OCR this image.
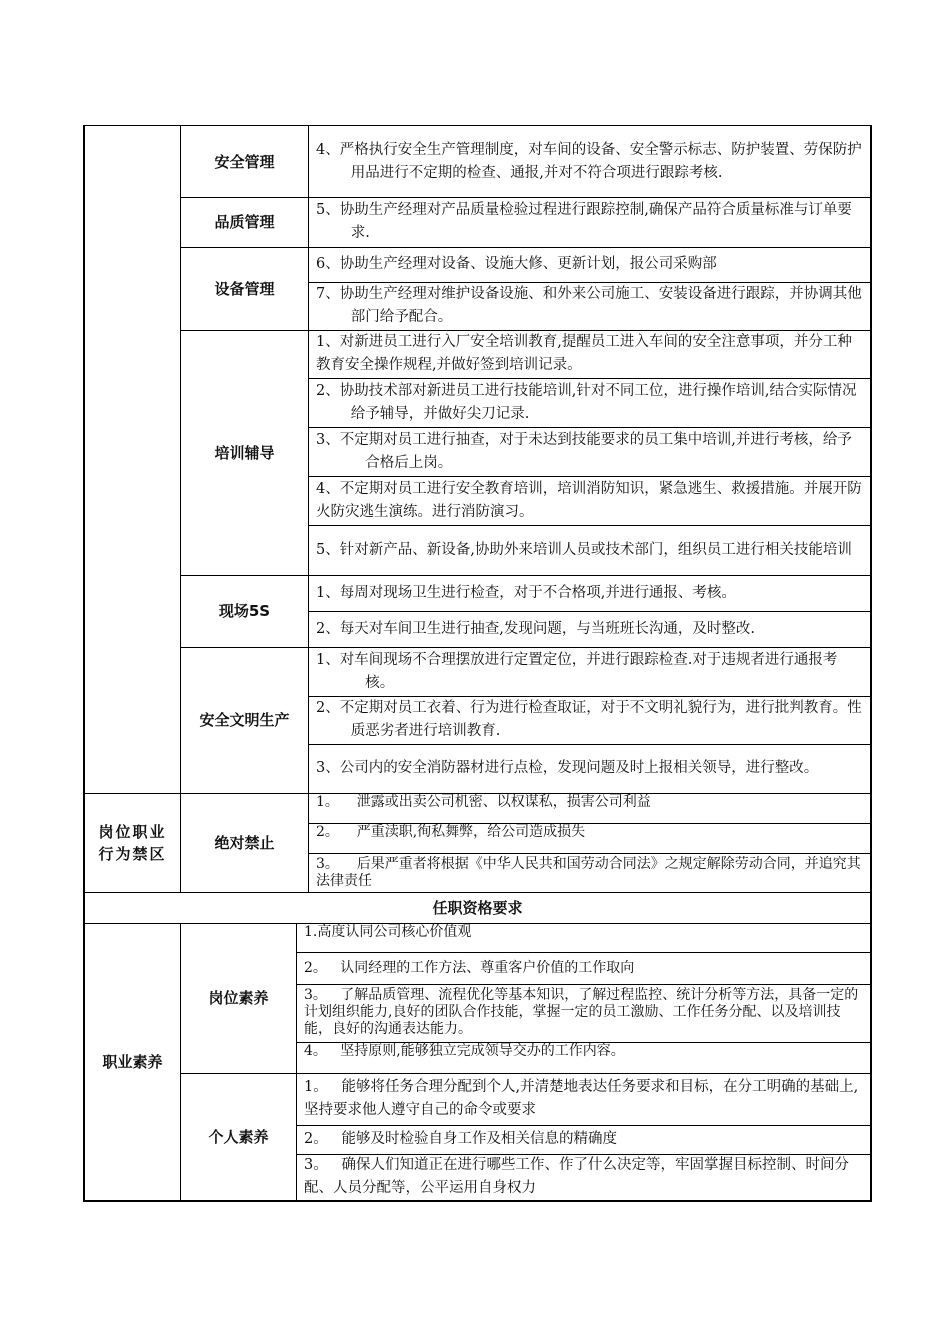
安全管理
4、严格执行安全生产管理制度，对车间的设备、安全警示标志、防护装置、劳保防护用品进行不定期的检查、通报,并对不符合项进行跟踪考核.
品质管理
5、协助生产经理对产品质量检验过程进行跟踪控制,确保产品符合质量标准与订单要求.
设备管理
6、协助生产经理对设备、设施大修、更新计划，报公司采购部
7、协助生产经理对维护设备设施、和外来公司施工、安装设备进行跟踪，并协调其他部门给予配合。
培训辅导
1、对新进员工进行入厂安全培训教育,提醒员工进入车间的安全注意事项，并分工种教育安全操作规程,并做好签到培训记录。
2、协助技术部对新进员工进行技能培训,针对不同工位，进行操作培训,结合实际情况给予辅导，并做好尖刀记录.
3、不定期对员工进行抽查，对于未达到技能要求的员工集中培训,并进行考核，给予合格后上岗。
4、不定期对员工进行安全教育培训，培训消防知识，紧急逃生、救援措施。并展开防火防灾逃生演练。进行消防演习。
5、针对新产品、新设备,协助外来培训人员或技术部门，组织员工进行相关技能培训
现场5S
1、每周对现场卫生进行检查，对于不合格项,并进行通报、考核。
2、每天对车间卫生进行抽查,发现问题，与当班班长沟通，及时整改.
安全文明生产
1、对车间现场不合理摆放进行定置定位，并进行跟踪检查.对于违规者进行通报考核。
2、不定期对员工衣着、行为进行检查取证，对于不文明礼貌行为，进行批判教育。性质恶劣者进行培训教育.
3、公司内的安全消防器材进行点检，发现问题及时上报相关领导，进行整改。
岗位职业行为禁区
绝对禁止
1。    泄露或出卖公司机密、以权谋私，损害公司利益
2。    严重渎职,徇私舞弊，给公司造成损失
3。    后果严重者将根据《中华人民共和国劳动合同法》之规定解除劳动合同，并追究其法律责任
任职资格要求
职业素养
岗位素养
1.高度认同公司核心价值观
2。   认同经理的工作方法、尊重客户价值的工作取向
3。   了解品质管理、流程优化等基本知识，了解过程监控、统计分析等方法，具备一定的计划组织能力,良好的团队合作技能，掌握一定的员工激励、工作任务分配、以及培训技能，良好的沟通表达能力。
4。   坚持原则,能够独立完成领导交办的工作内容。
个人素养
1。   能够将任务合理分配到个人,并清楚地表达任务要求和目标，在分工明确的基础上,坚持要求他人遵守自己的命令或要求
2。   能够及时检验自身工作及相关信息的精确度
3。   确保人们知道正在进行哪些工作、作了什么决定等，牢固掌握目标控制、时间分配、人员分配等，公平运用自身权力
